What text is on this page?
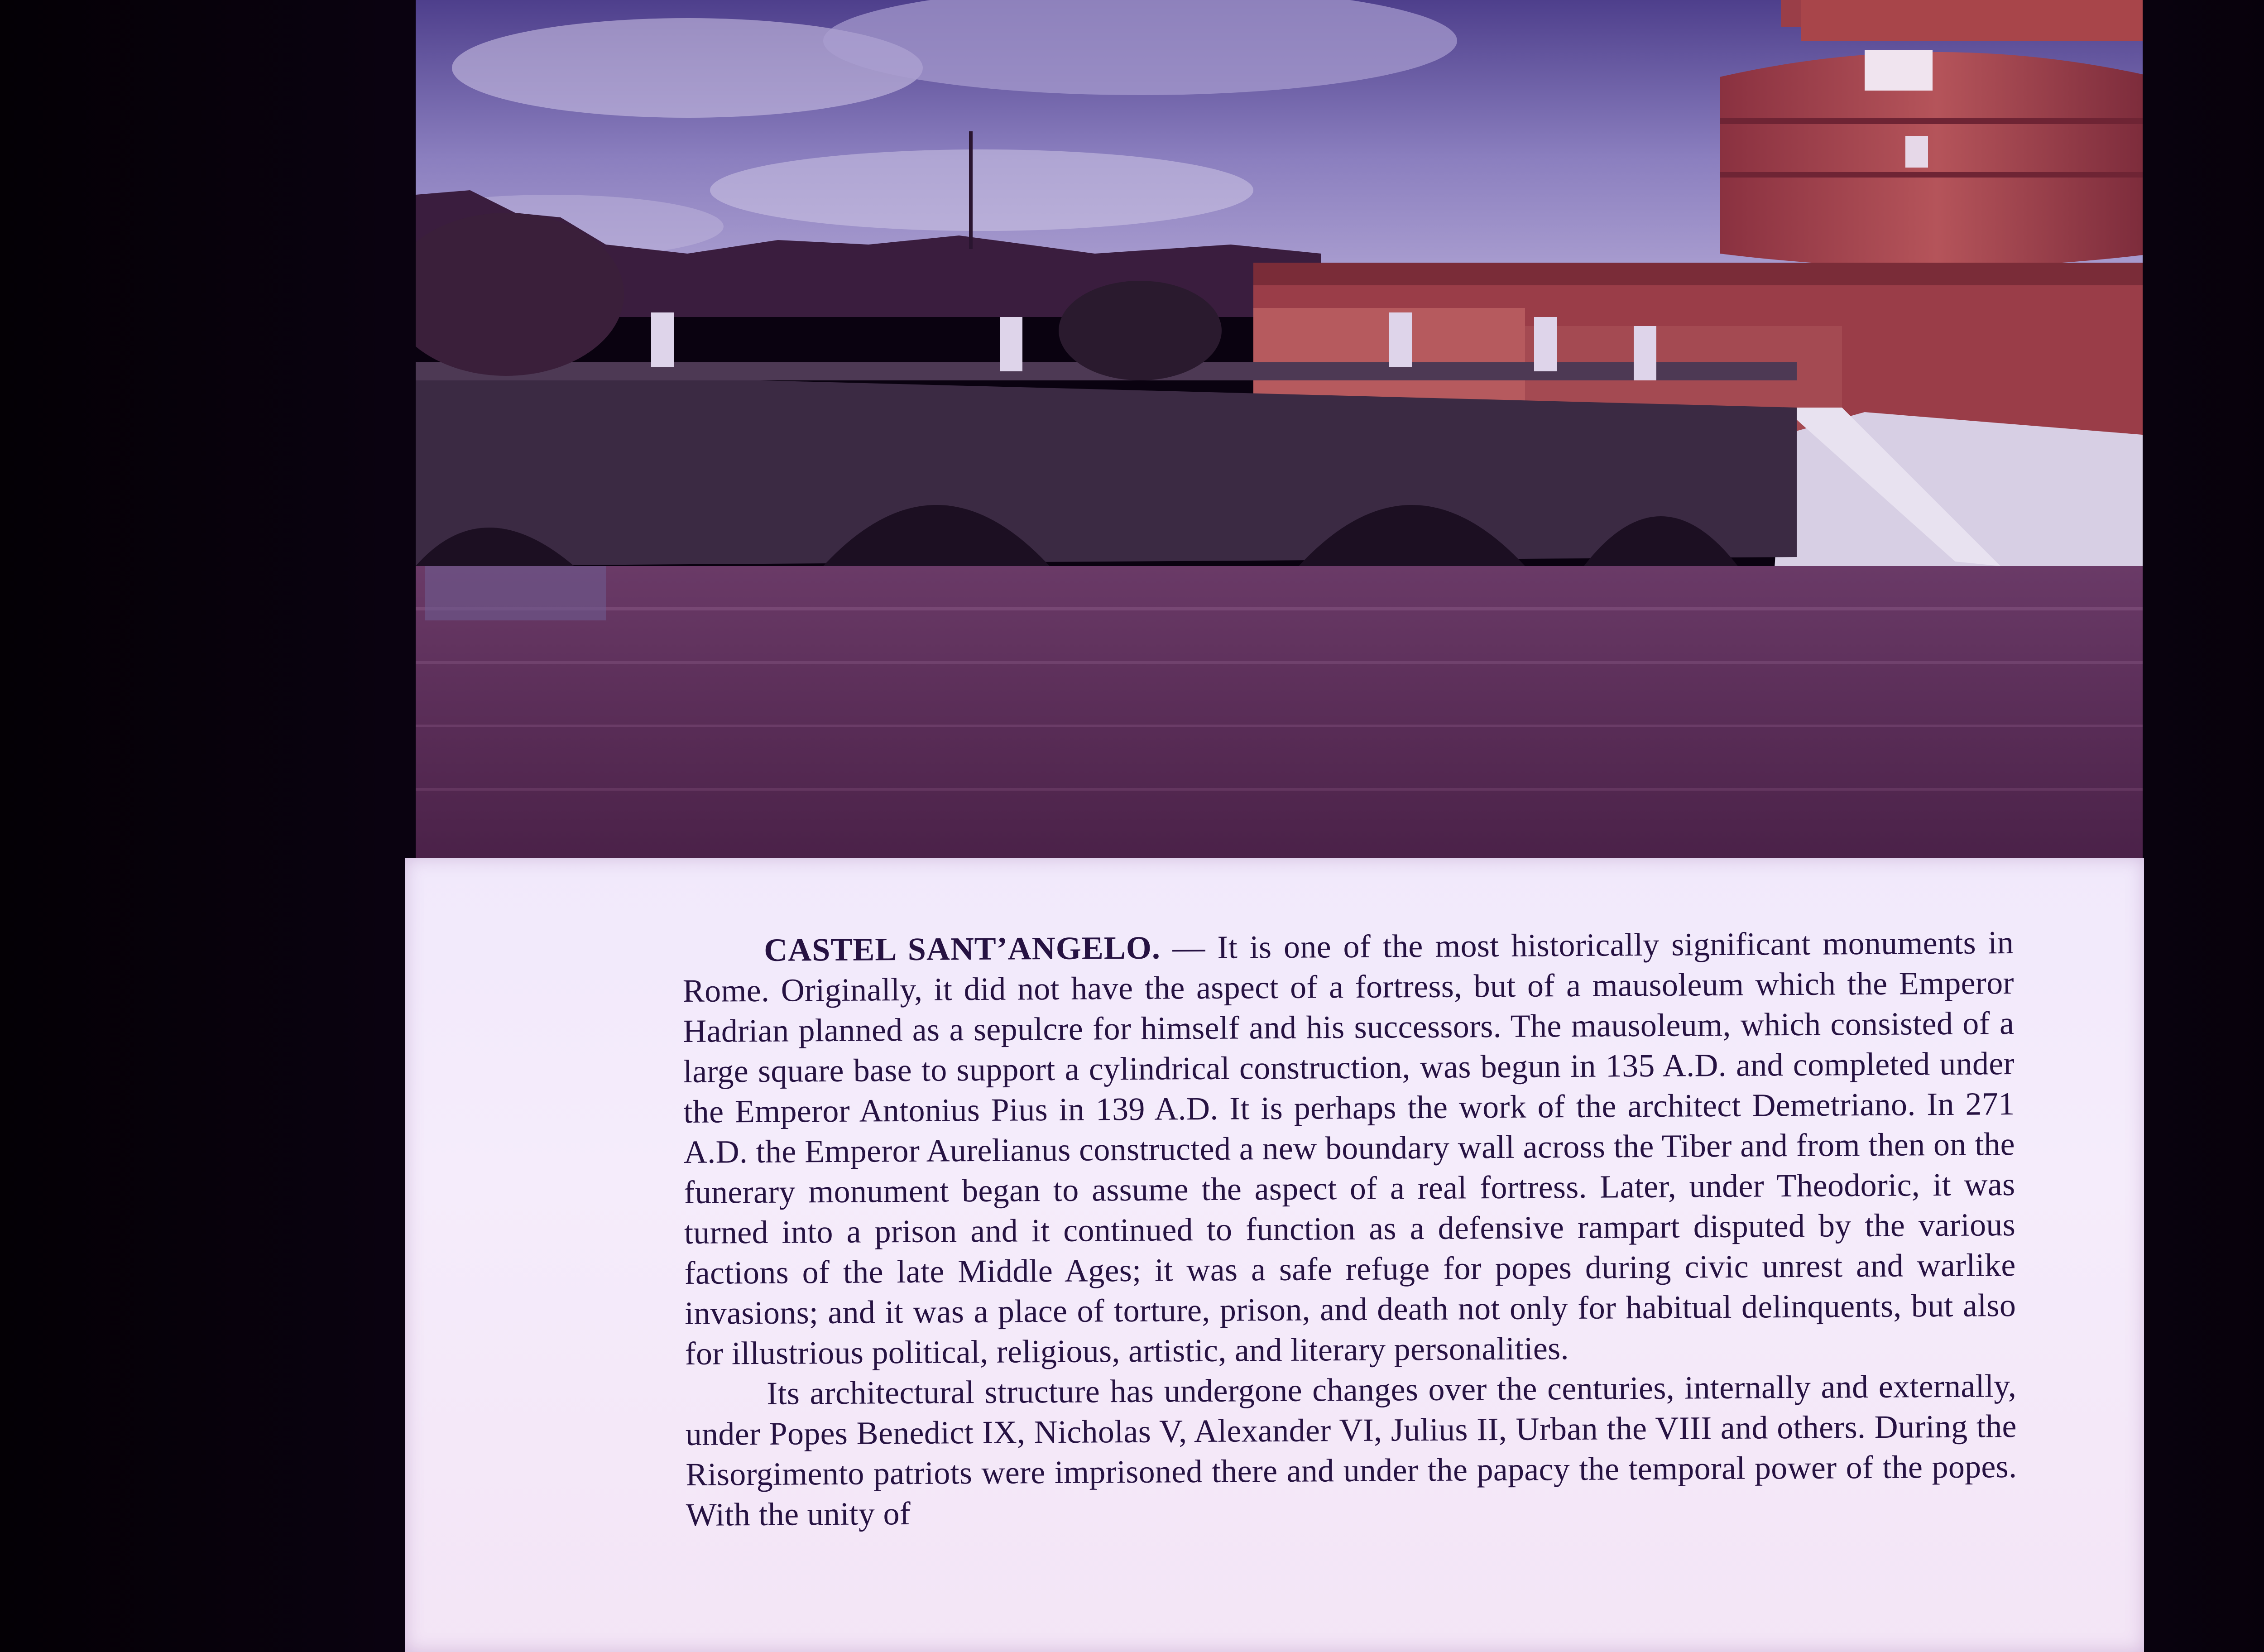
CASTEL SANT’ANGELO. — It is one of the most historically significant monuments in Rome. Originally, it did not have the aspect of a fortress, but of a mausoleum which the Emperor Hadrian planned as a sepulcre for himself and his successors. The mausoleum, which consisted of a large square base to support a cylindrical construction, was begun in 135 A.D. and completed under the Emperor Antonius Pius in 139 A.D. It is perhaps the work of the architect Demetriano. In 271 A.D. the Emperor Aurelianus constructed a new boundary wall across the Tiber and from then on the funerary monument began to assume the aspect of a real fortress. Later, under Theodoric, it was turned into a prison and it continued to function as a defensive rampart disputed by the various factions of the late Middle Ages; it was a safe refuge for popes during civic unrest and warlike invasions; and it was a place of torture, prison, and death not only for habitual delinquents, but also for illustrious political, religious, artistic, and literary personalities.

Its architectural structure has undergone changes over the centuries, internally and externally, under Popes Benedict IX, Nicholas V, Alexander VI, Julius II, Urban the VIII and others. During the Risorgimento patriots were imprisoned there and under the papacy the temporal power of the popes. With the unity of
